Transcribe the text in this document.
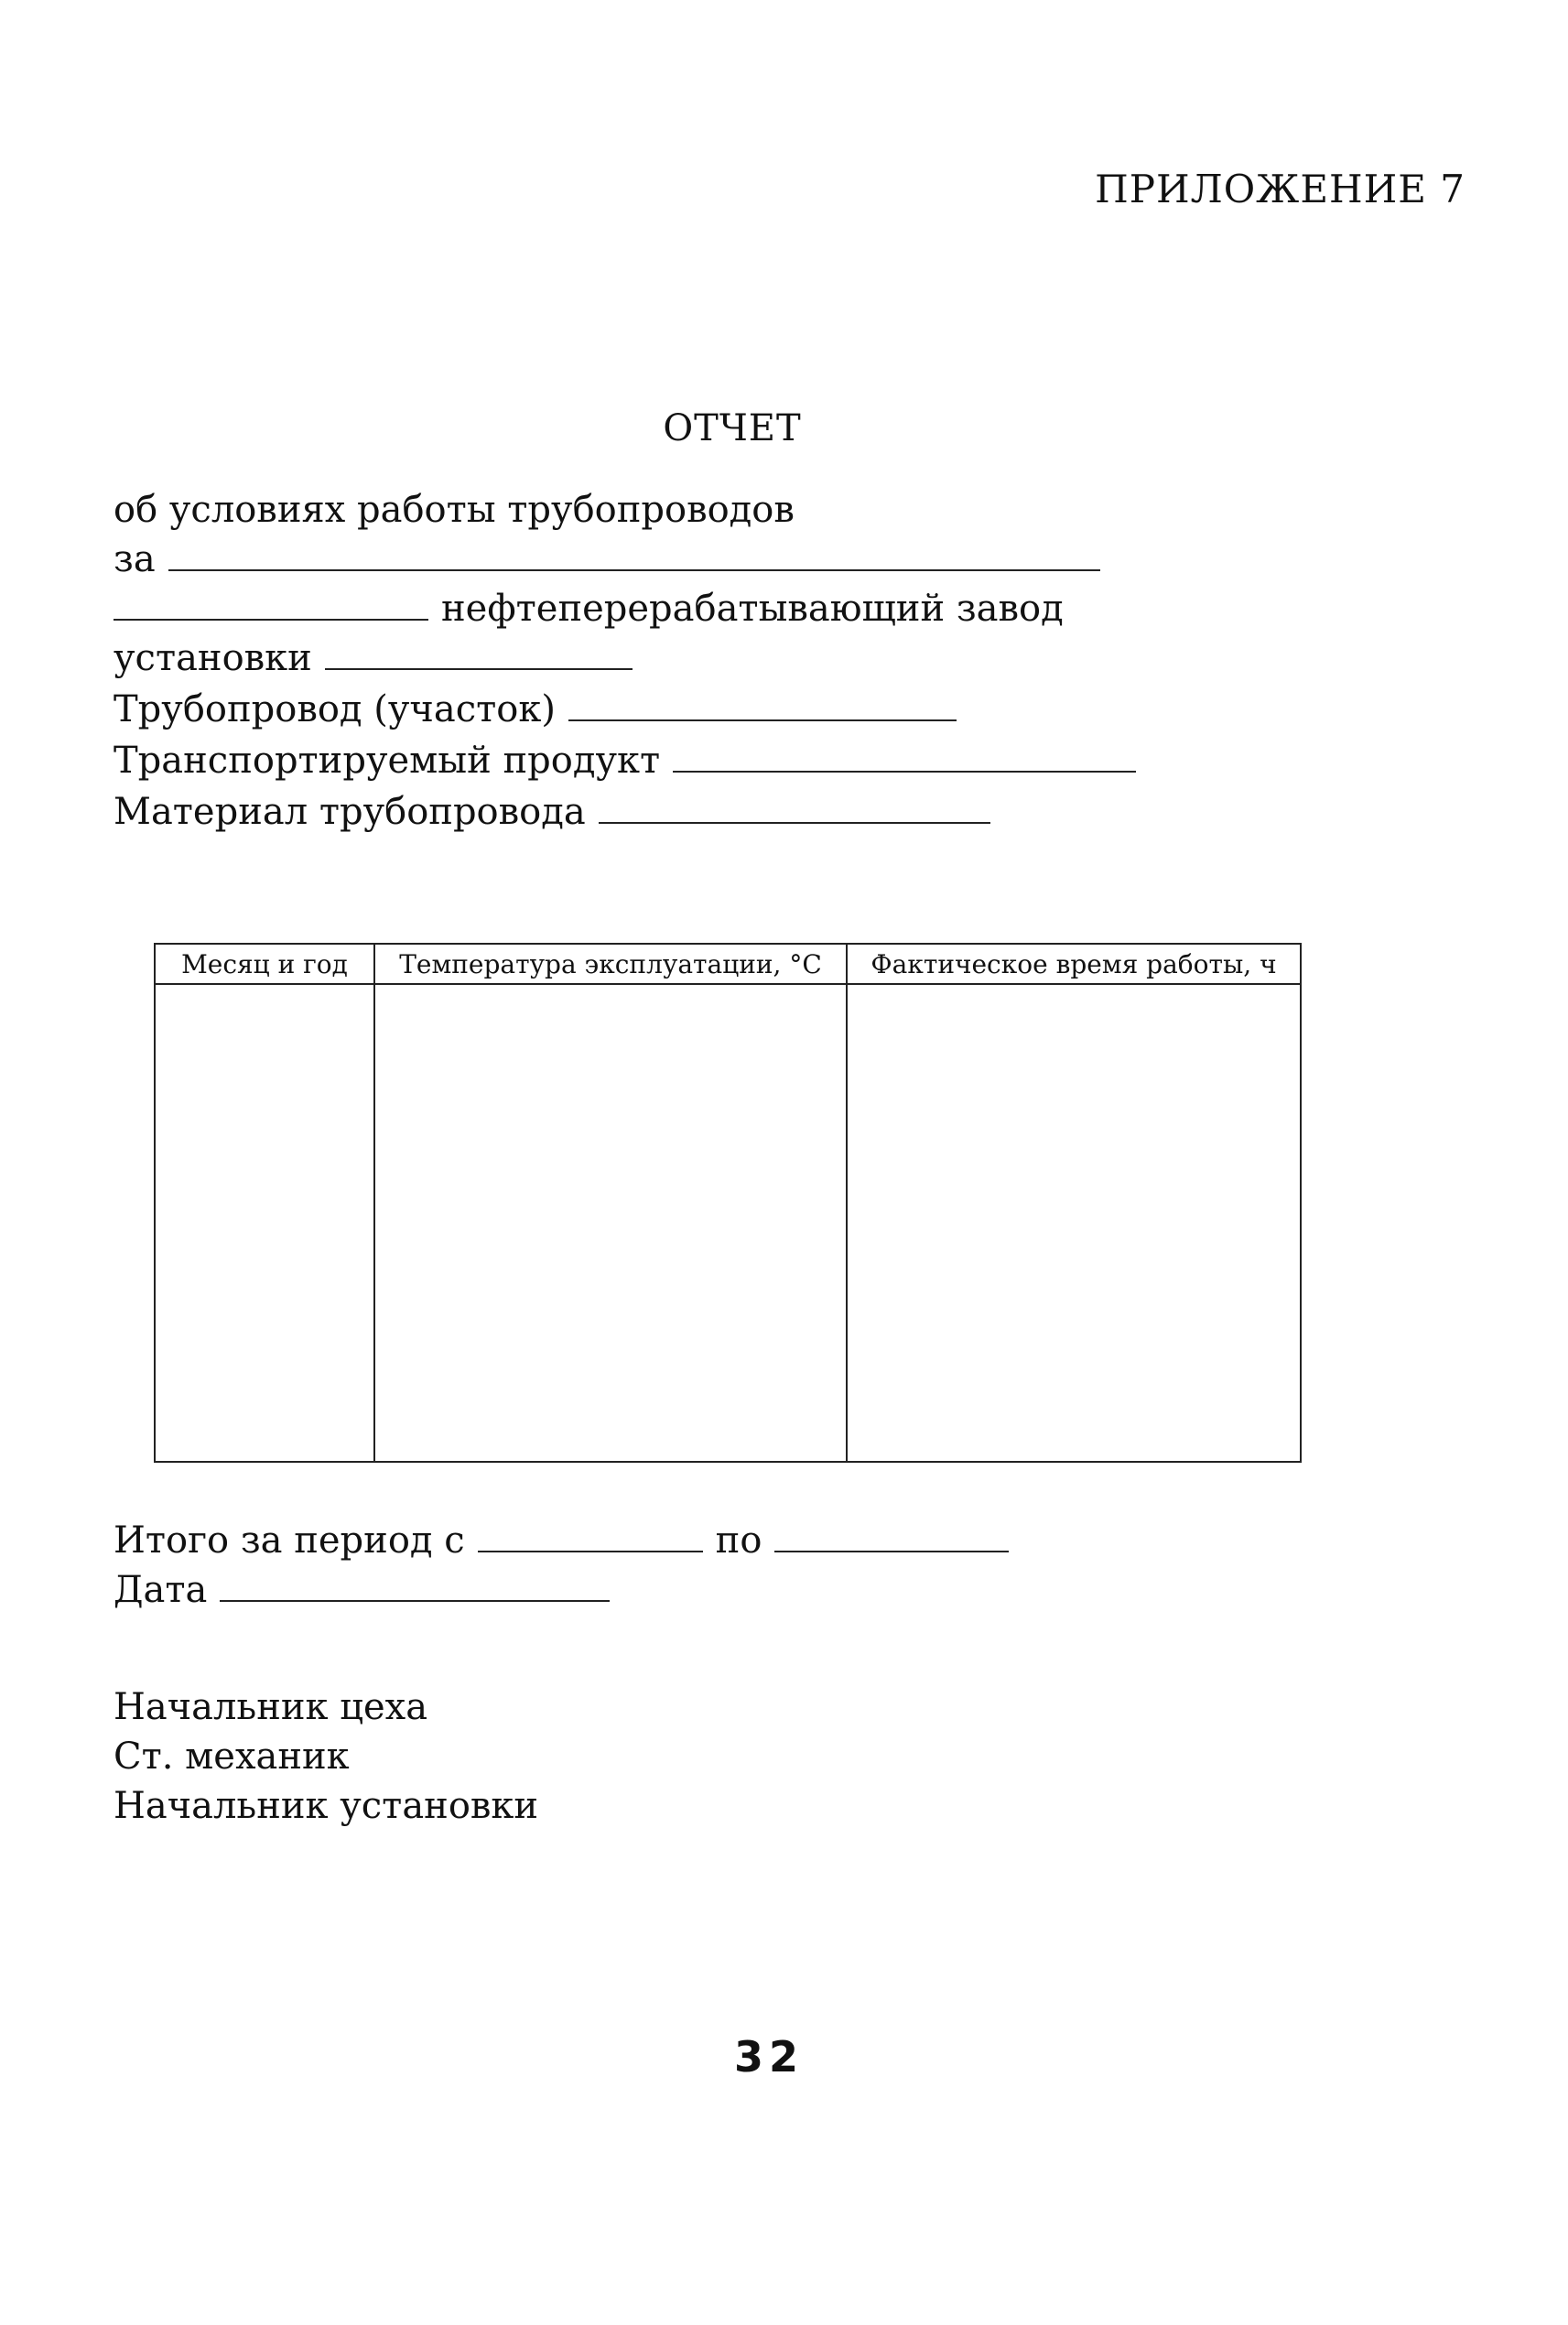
ПРИЛОЖЕНИЕ 7
ОТЧЕТ
об условиях работы трубопроводов
за
нефтеперерабатывающий завод
установки
Трубопровод (участок)
Транспортируемый продукт
Материал трубопровода
Месяц и год	Температура эксплуатации, °C	Фактическое время работы, ч

Итого за период с	по
Дата
Начальник цеха
Ст. механик
Начальник установки
32
